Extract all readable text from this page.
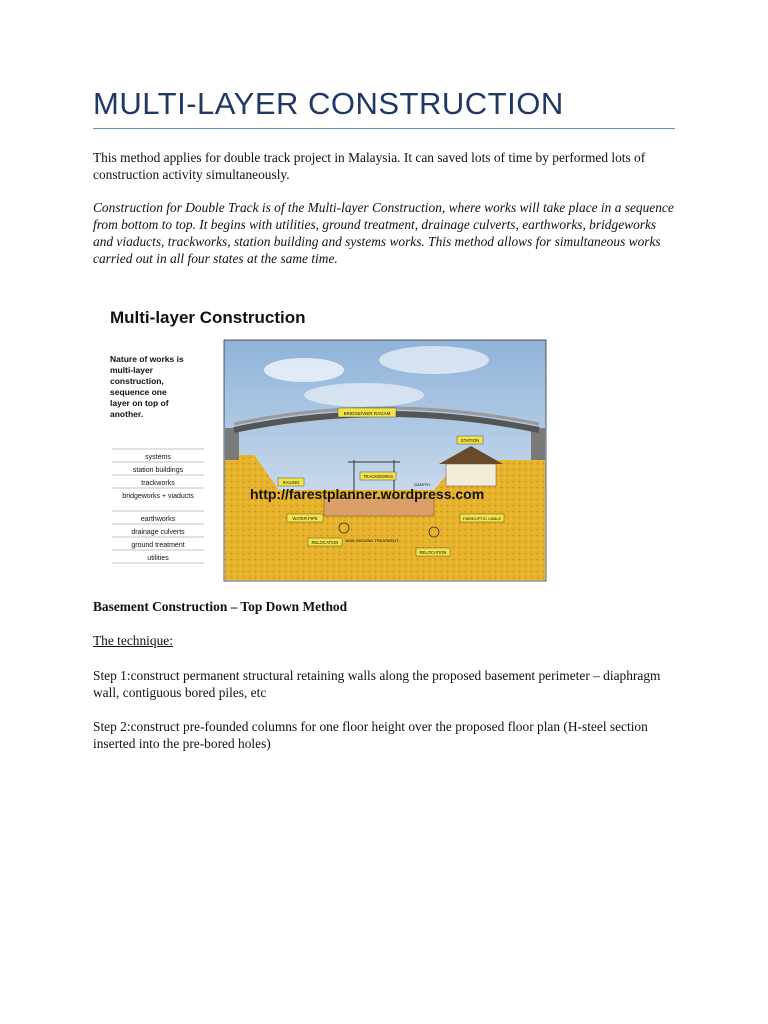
MULTI-LAYER CONSTRUCTION
This method applies for double track project in Malaysia. It can saved lots of time by performed lots of construction activity simultaneously.
Construction for Double Track is of the Multi-layer Construction, where works will take place in a sequence from bottom to top. It begins with utilities, ground treatment, drainage culverts, earthworks, bridgeworks and viaducts, trackworks, station building and systems works. This method allows for simultaneous works carried out in all four states at the same time.
Multi-layer Construction
Nature of works is
multi-layer
construction,
sequence one
layer on top of
another.
systems
station buildings
trackworks
bridgeworks + viaducts
earthworks
drainage culverts
ground treatment
utilities
BRIDGE/VIER RAGAM
STATION
TRACKWORKS
GANTRY
RAILING
http://farestplanner.wordpress.com
WATER PIPE	FIBREOPTIC CABLE
RELOCATION
RELOCATION
NON GROUND TREATMENT
Basement Construction – Top Down Method
The technique:
Step 1:construct permanent structural retaining walls along the proposed basement perimeter – diaphragm wall, contiguous bored piles, etc
Step 2:construct pre-founded columns for one floor height over the proposed floor plan (H-steel section inserted into the pre-bored holes)
